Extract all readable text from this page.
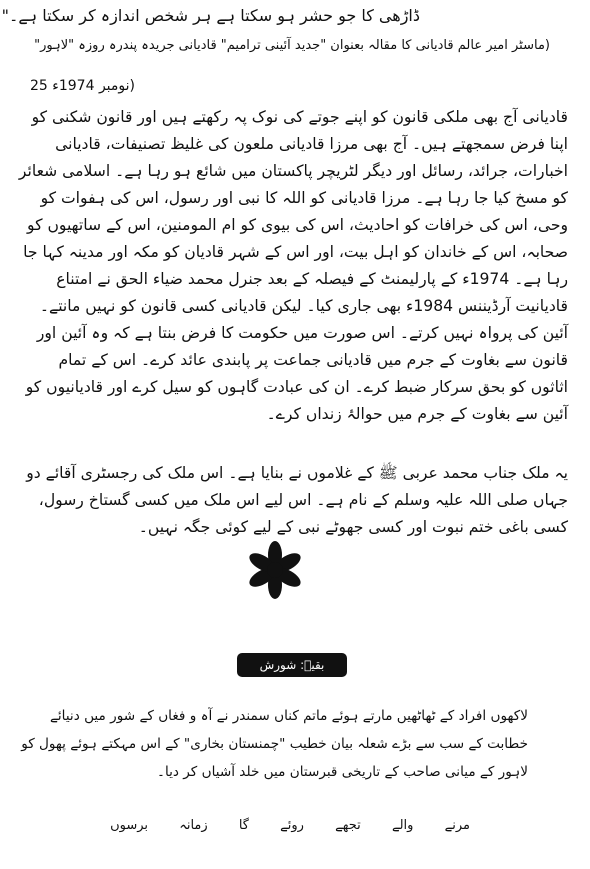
ڈاڑھی کا جو حشر ہو سکتا ہے ہر شخص اندازہ کر سکتا ہے۔"
(ماسٹر امیر عالم قادیانی کا مقالہ بعنوان "جدید آئینی ترامیم" قادیانی جریدہ پندرہ روزہ "لاہور"
25 نومبر 1974ء)
قادیانی آج بھی ملکی قانون کو اپنے جوتے کی نوک پہ رکھتے ہیں اور قانون شکنی کو اپنا فرض سمجھتے ہیں۔ آج بھی مرزا قادیانی ملعون کی غلیظ تصنیفات، قادیانی اخبارات، جرائد، رسائل اور دیگر لٹریچر پاکستان میں شائع ہو رہا ہے۔ اسلامی شعائر کو مسخ کیا جا رہا ہے۔ مرزا قادیانی کو اللہ کا نبی اور رسول، اس کی ہفوات کو وحی، اس کی خرافات کو احادیث، اس کی بیوی کو ام المومنین، اس کے ساتھیوں کو صحابہ، اس کے خاندان کو اہل بیت، اور اس کے شہر قادیان کو مکہ اور مدینہ کہا جا رہا ہے۔ 1974ء کے پارلیمنٹ کے فیصلہ کے بعد جنرل محمد ضیاء الحق نے امتناع قادیانیت آرڈیننس 1984ء بھی جاری کیا۔ لیکن قادیانی کسی قانون کو نہیں مانتے۔ آئین کی پرواہ نہیں کرتے۔ اس صورت میں حکومت کا فرض بنتا ہے کہ وہ آئین اور قانون سے بغاوت کے جرم میں قادیانی جماعت پر پابندی عائد کرے۔ اس کے تمام اثاثوں کو بحق سرکار ضبط کرے۔ ان کی عبادت گاہوں کو سیل کرے اور قادیانیوں کو آئین سے بغاوت کے جرم میں حوالۂ زنداں کرے۔
یہ ملک جناب محمد عربی ﷺ کے غلاموں نے بنایا ہے۔ اس ملک کی رجسٹری آقائے دو جہاں صلی اللہ علیہ وسلم کے نام ہے۔ اس لیے اس ملک میں کسی گستاخ رسول، کسی باغی ختم نبوت اور کسی جھوٹے نبی کے لیے کوئی جگہ نہیں۔
بقیہ: شورش کاشمیریؒ
لاکھوں افراد کے ٹھاٹھیں مارتے ہوئے ماتم کناں سمندر نے آہ و فغاں کے شور میں دنیائے خطابت کے سب سے بڑے شعلہ بیان خطیب "چمنستان بخاری" کے اس مہکتے ہوئے پھول کو لاہور کے میانی صاحب کے تاریخی قبرستان میں خلد آشیاں کر دیا۔
مرنے
والے
تجھے
روئے
گا
زمانہ
برسوں
